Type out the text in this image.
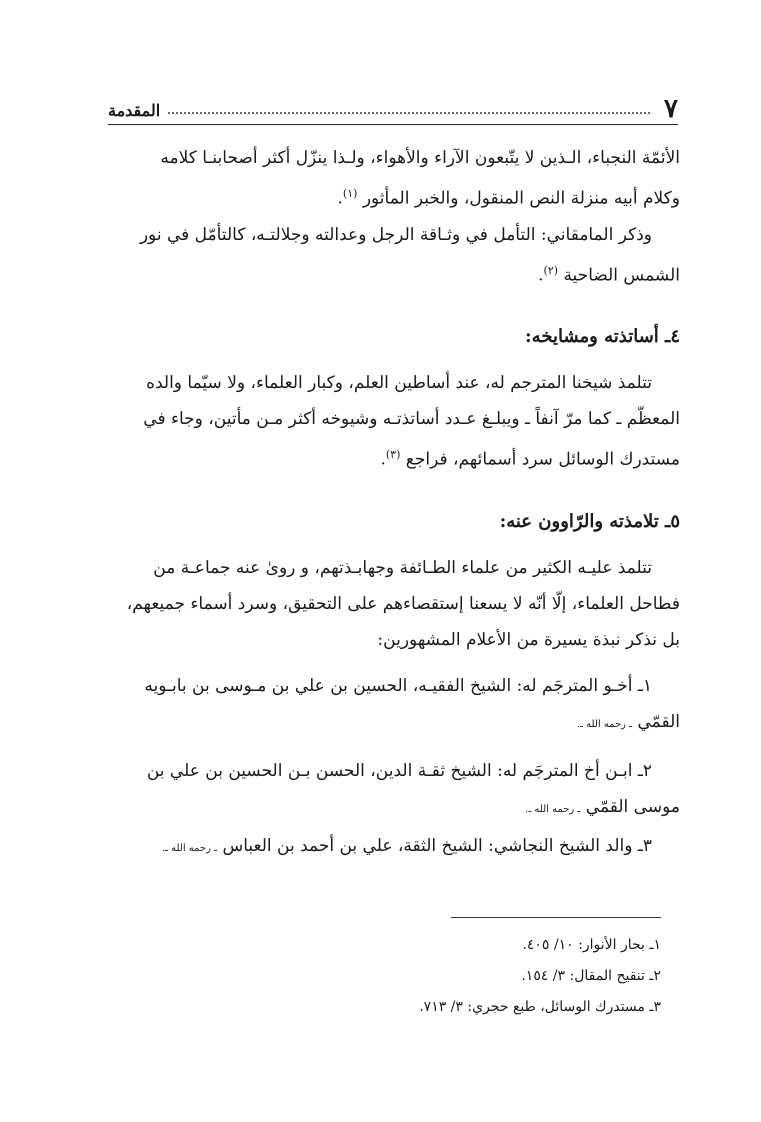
٧
المقدمة

الأئمّة النجباء، الـذين لا يتّبعون الآراء والأهواء، ولـذا ينزّل أكثر أصحابنـا كلامه
وكلام أبيه منزلة النص المنقول، والخبر المأثور $^{(١)}$.

وذكر المامقاني: التأمل في وثـاقة الرجل وعدالته وجلالتـه، كالتأمّل في نور
الشمس الضاحية $^{(٢)}$.

٤ـ أساتذته ومشايخه:

تتلمذ شيخنا المترجم له، عند أساطين العلم، وكبار العلماء، ولا سيّما والده
المعظّم ـ كما مرّ آنفاً ـ ويبلـغ عـدد أساتذتـه وشيوخه أكثر مـن مأتين، وجاء في
مستدرك الوسائل سرد أسمائهم، فراجع $^{(٣)}$.

٥ـ تلامذته والرّاوون عنه:

تتلمذ عليـه الكثير من علماء الطـائفة وجهابـذتهم، و روىٰ عنه جماعـة من
فطاحل العلماء، إلّا أنّه لا يسعنا إستقصاءهم على التحقيق، وسرد أسماء جميعهم،
بل نذكر نبذة يسيرة من الأعلام المشهورين:

١ـ أخـو المترجَم له: الشيخ الفقيـه، الحسين بن علي بن مـوسى بن بابـويه
القمّي ـ رحمه الله ـ.

٢ـ ابـن أخ المترجَم له: الشيخ ثقـة الدين، الحسن بـن الحسين بن علي بن
موسى القمّي ـ رحمه الله ـ.

٣ـ والد الشيخ النجاشي: الشيخ الثقة، علي بن أحمد بن العباس ـ رحمه الله ـ.

١ـ بحار الأنوار: ١٠/ ٤٠٥.

٢ـ تنقيح المقال: ٣/ ١٥٤.

٣ـ مستدرك الوسائل، طبع حجري: ٣/ ٧١٣.
